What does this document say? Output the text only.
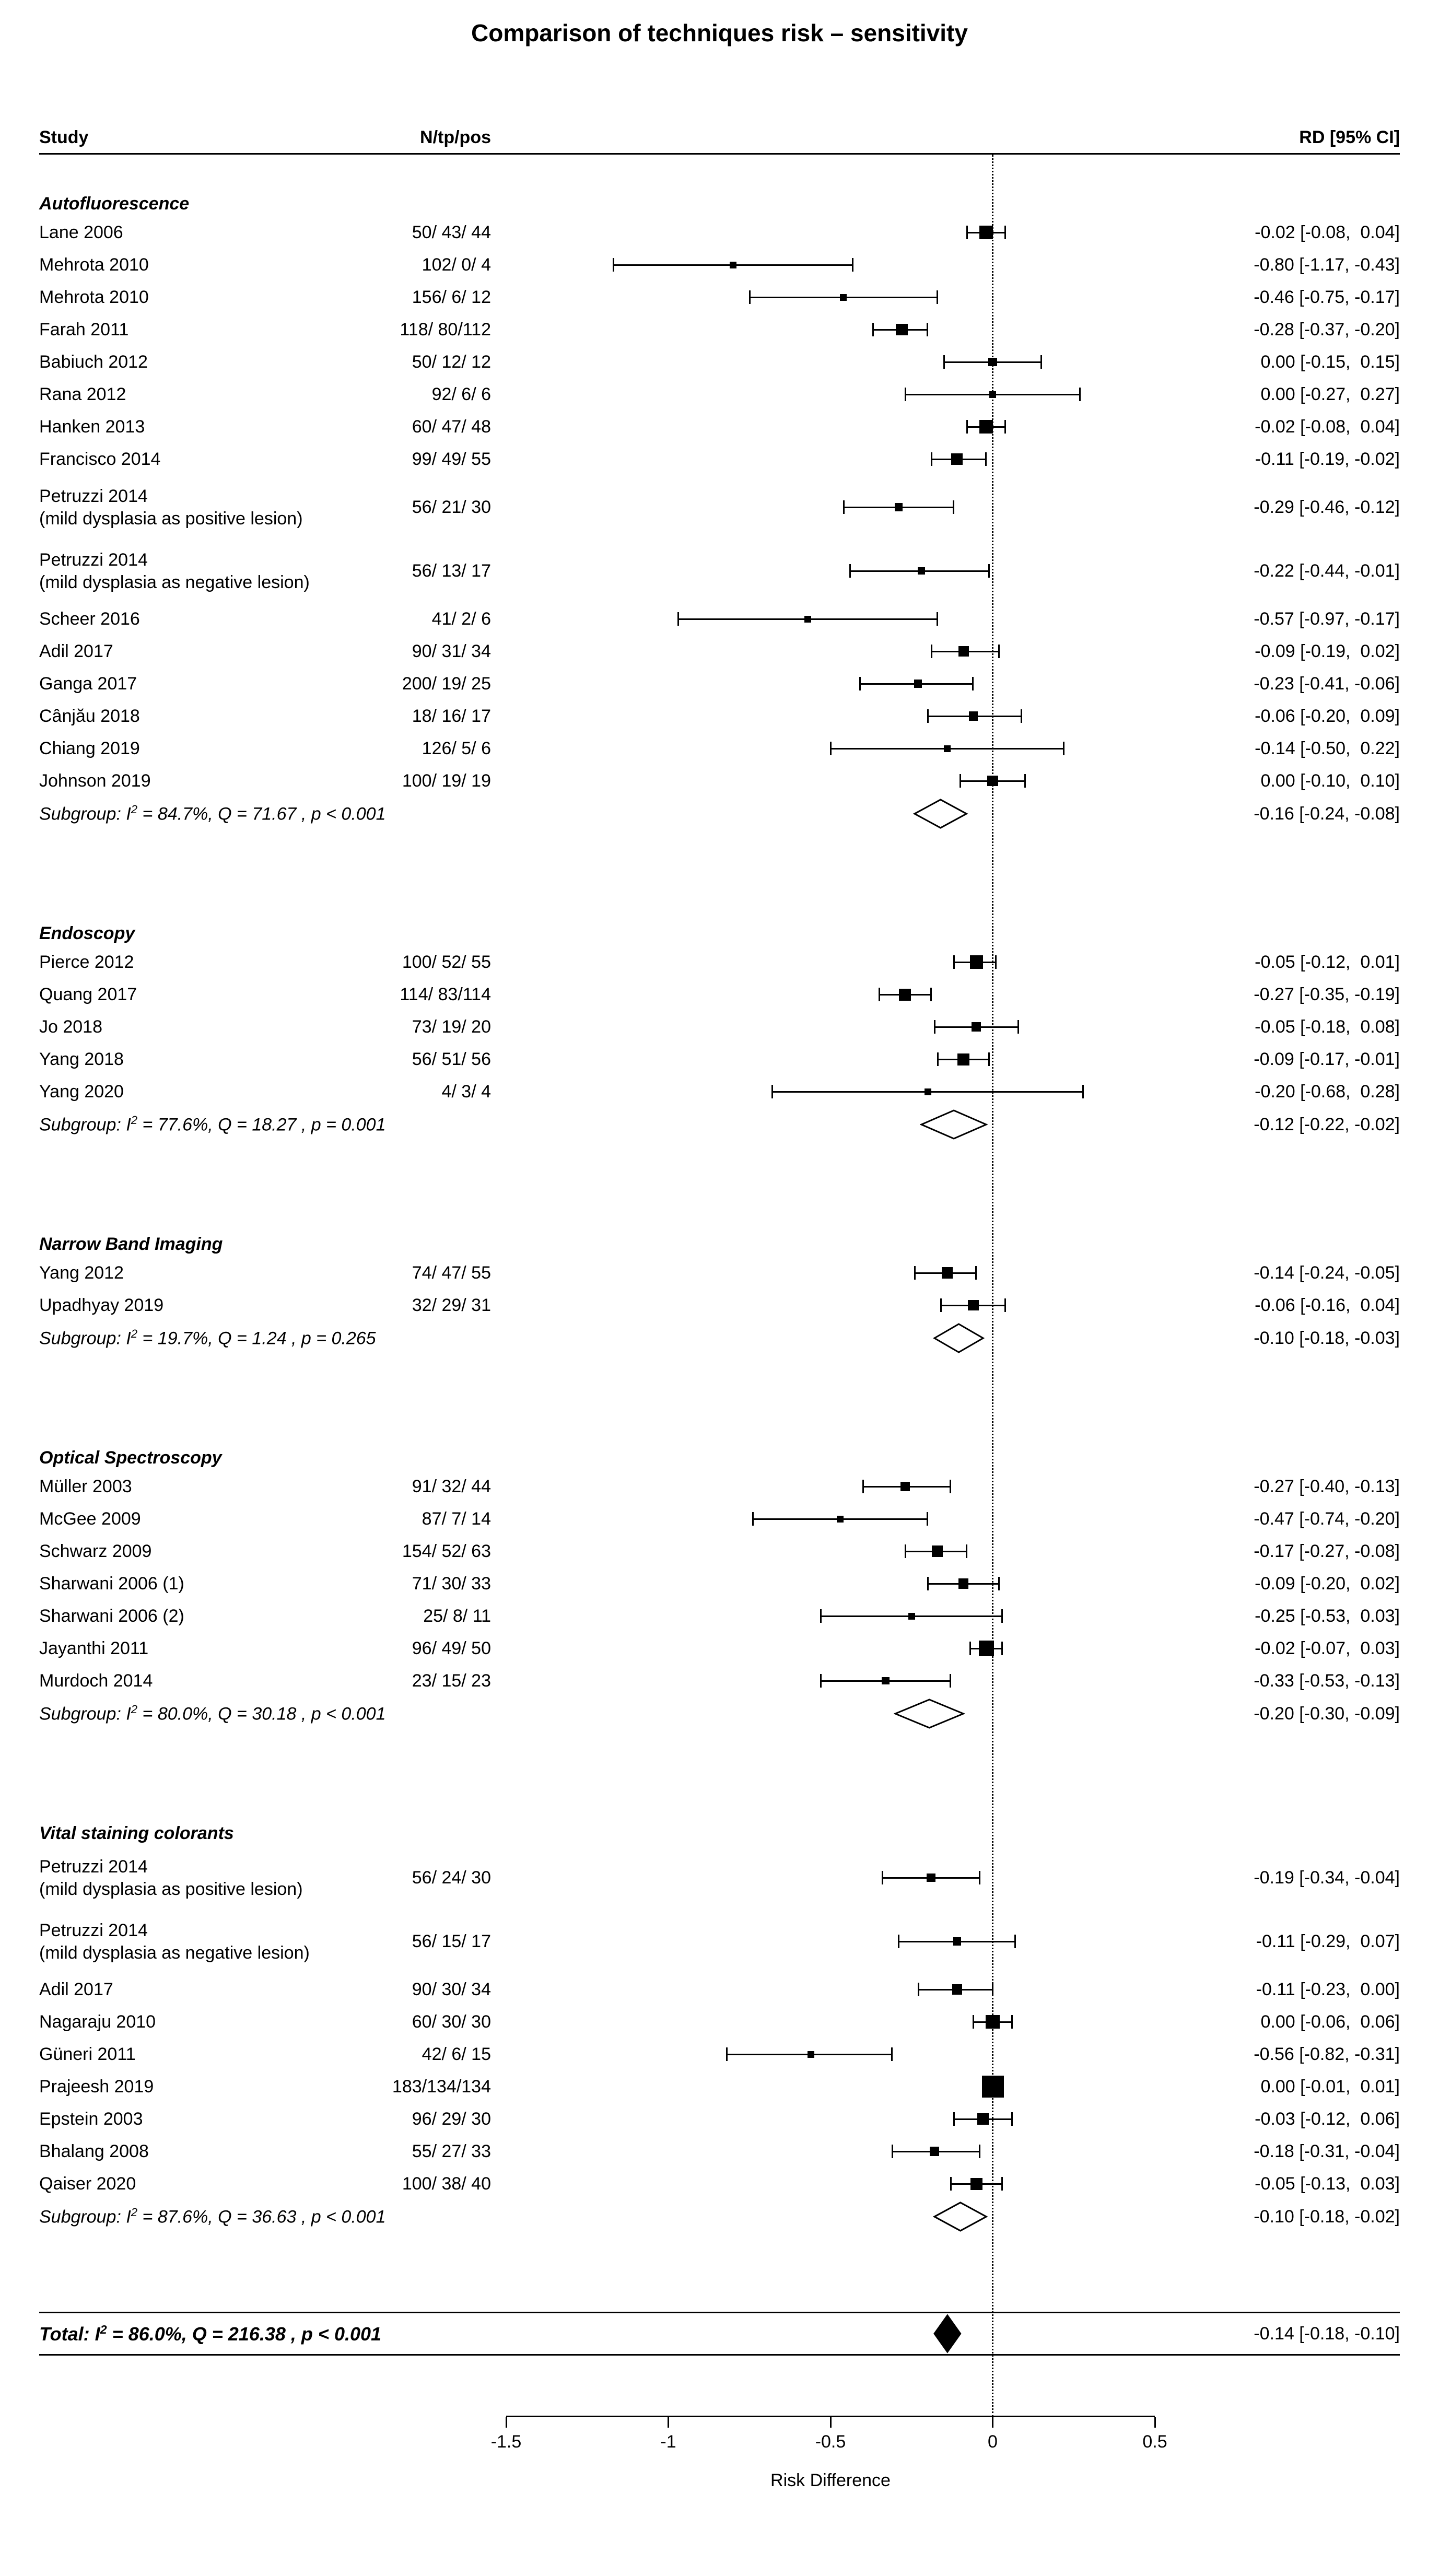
Comparison of techniques risk – sensitivity
Study	N/tp/pos	RD [95% CI]
Autofluorescence
Lane 2006	50/ 43/ 44	-0.02 [-0.08,  0.04]
Mehrota 2010	102/ 0/ 4	-0.80 [-1.17, -0.43]
Mehrota 2010	156/ 6/ 12	-0.46 [-0.75, -0.17]
Farah 2011	118/ 80/112	-0.28 [-0.37, -0.20]
Babiuch 2012	50/ 12/ 12	0.00 [-0.15,  0.15]
Rana 2012	92/ 6/ 6	0.00 [-0.27,  0.27]
Hanken 2013	60/ 47/ 48	-0.02 [-0.08,  0.04]
Francisco 2014	99/ 49/ 55	-0.11 [-0.19, -0.02]
Petruzzi 2014
(mild dysplasia as positive lesion)
56/ 21/ 30	-0.29 [-0.46, -0.12]
Petruzzi 2014
(mild dysplasia as negative lesion)
56/ 13/ 17	-0.22 [-0.44, -0.01]
Scheer 2016	41/ 2/ 6	-0.57 [-0.97, -0.17]
Adil 2017	90/ 31/ 34	-0.09 [-0.19,  0.02]
Ganga 2017	200/ 19/ 25	-0.23 [-0.41, -0.06]
Cânjău 2018	18/ 16/ 17	-0.06 [-0.20,  0.09]
Chiang 2019	126/ 5/ 6	-0.14 [-0.50,  0.22]
Johnson 2019	100/ 19/ 19	0.00 [-0.10,  0.10]
Subgroup: $I^2 = 84.7\%$, Q = 71.67 , p < 0.001	-0.16 [-0.24, -0.08]
Endoscopy
Pierce 2012	100/ 52/ 55	-0.05 [-0.12,  0.01]
Quang 2017	114/ 83/114	-0.27 [-0.35, -0.19]
Jo 2018	73/ 19/ 20	-0.05 [-0.18,  0.08]
Yang 2018	56/ 51/ 56	-0.09 [-0.17, -0.01]
Yang 2020	4/ 3/ 4	-0.20 [-0.68,  0.28]
Subgroup: $I^2 = 77.6\%$, Q = 18.27 , p = 0.001	-0.12 [-0.22, -0.02]
Narrow Band Imaging
Yang 2012	74/ 47/ 55	-0.14 [-0.24, -0.05]
Upadhyay 2019	32/ 29/ 31	-0.06 [-0.16,  0.04]
Subgroup: $I^2 = 19.7\%$, Q = 1.24 , p = 0.265	-0.10 [-0.18, -0.03]
Optical Spectroscopy
Müller 2003	91/ 32/ 44	-0.27 [-0.40, -0.13]
McGee 2009	87/ 7/ 14	-0.47 [-0.74, -0.20]
Schwarz 2009	154/ 52/ 63	-0.17 [-0.27, -0.08]
Sharwani 2006 (1)	71/ 30/ 33	-0.09 [-0.20,  0.02]
Sharwani 2006 (2)	25/ 8/ 11	-0.25 [-0.53,  0.03]
Jayanthi 2011	96/ 49/ 50	-0.02 [-0.07,  0.03]
Murdoch 2014	23/ 15/ 23	-0.33 [-0.53, -0.13]
Subgroup: $I^2 = 80.0\%$, Q = 30.18 , p < 0.001	-0.20 [-0.30, -0.09]
Vital staining colorants
Petruzzi 2014
(mild dysplasia as positive lesion)
56/ 24/ 30	-0.19 [-0.34, -0.04]
Petruzzi 2014
(mild dysplasia as negative lesion)
56/ 15/ 17	-0.11 [-0.29,  0.07]
Adil 2017	90/ 30/ 34	-0.11 [-0.23,  0.00]
Nagaraju 2010	60/ 30/ 30	0.00 [-0.06,  0.06]
Güneri 2011	42/ 6/ 15	-0.56 [-0.82, -0.31]
Prajeesh 2019	183/134/134	0.00 [-0.01,  0.01]
Epstein 2003	96/ 29/ 30	-0.03 [-0.12,  0.06]
Bhalang 2008	55/ 27/ 33	-0.18 [-0.31, -0.04]
Qaiser 2020	100/ 38/ 40	-0.05 [-0.13,  0.03]
Subgroup: $I^2 = 87.6\%$, Q = 36.63 , p < 0.001	-0.10 [-0.18, -0.02]
Total: $I^2 = 86.0\%$, Q = 216.38 , p < 0.001	-0.14 [-0.18, -0.10]
Risk Difference
-1.5	-1	-0.5	0	0.5
